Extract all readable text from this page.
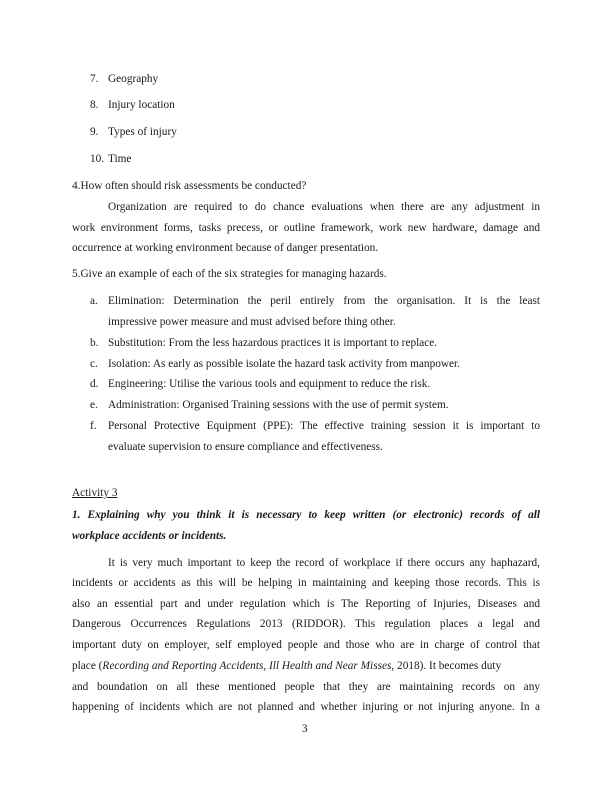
7. Geography
8. Injury location
9. Types of injury
10. Time
4.How often should risk assessments be conducted?
Organization are required to do chance evaluations when there are any adjustment in
work environment forms, tasks precess, or outline framework, work new hardware, damage and
occurrence at working environment because of danger presentation.
5.Give an example of each of the six strategies for managing hazards.
a. Elimination: Determination the peril entirely from the organisation. It is the least
impressive power measure and must advised before thing other.
b. Substitution: From the less hazardous practices it is important to replace.
c. Isolation: As early as possible isolate the hazard task activity from manpower.
d. Engineering: Utilise the various tools and equipment to reduce the risk.
e. Administration: Organised Training sessions with the use of permit system.
f. Personal Protective Equipment (PPE): The effective training session it is important to
evaluate supervision to ensure compliance and effectiveness.
Activity 3
1. Explaining why you think it is necessary to keep written (or electronic) records of all
workplace accidents or incidents.
It is very much important to keep the record of workplace if there occurs any haphazard,
incidents or accidents as this will be helping in maintaining and keeping those records. This is
also an essential part and under regulation which is The Reporting of Injuries, Diseases and
Dangerous Occurrences Regulations 2013 (RIDDOR). This regulation places a legal and
important duty on employer, self employed people and those who are in charge of control that
place (Recording and Reporting Accidents, Ill Health and Near Misses, 2018). It becomes duty
and boundation on all these mentioned people that they are maintaining records on any
happening of incidents which are not planned and whether injuring or not injuring anyone. In a
3
